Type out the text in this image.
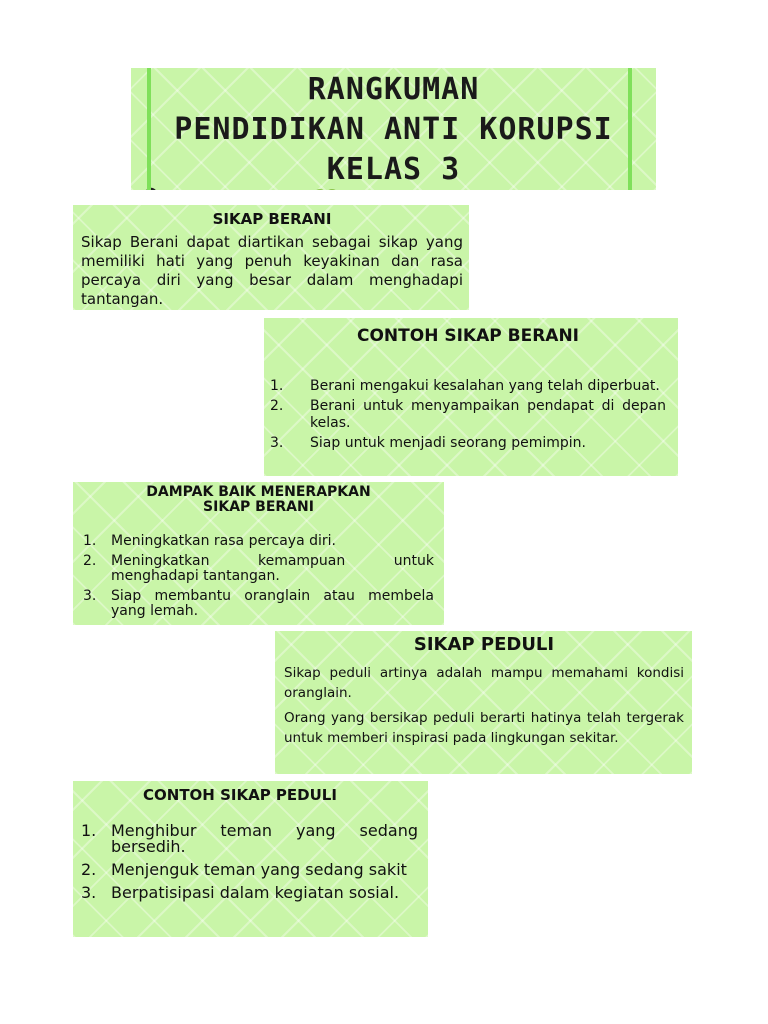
RANGKUMAN
PENDIDIKAN ANTI KORUPSI
KELAS 3
SIKAP BERANI
Sikap Berani dapat diartikan sebagai sikap yang memiliki hati yang penuh keyakinan dan rasa percaya diri yang besar dalam menghadapi tantangan.
CONTOH SIKAP BERANI
1. Berani mengakui kesalahan yang telah diperbuat.
2. Berani untuk menyampaikan pendapat di depan kelas.
3. Siap untuk menjadi seorang pemimpin.
DAMPAK BAIK MENERAPKAN
SIKAP BERANI
1. Meningkatkan rasa percaya diri.
2. Meningkatkan kemampuan untuk menghadapi tantangan.
3. Siap membantu oranglain atau membela yang lemah.
SIKAP PEDULI
Sikap peduli artinya adalah mampu memahami kondisi oranglain.
Orang yang bersikap peduli berarti hatinya telah tergerak untuk memberi inspirasi pada lingkungan sekitar.
CONTOH SIKAP PEDULI
1. Menghibur teman yang sedang bersedih.
2. Menjenguk teman yang sedang sakit
3. Berpatisipasi dalam kegiatan sosial.
